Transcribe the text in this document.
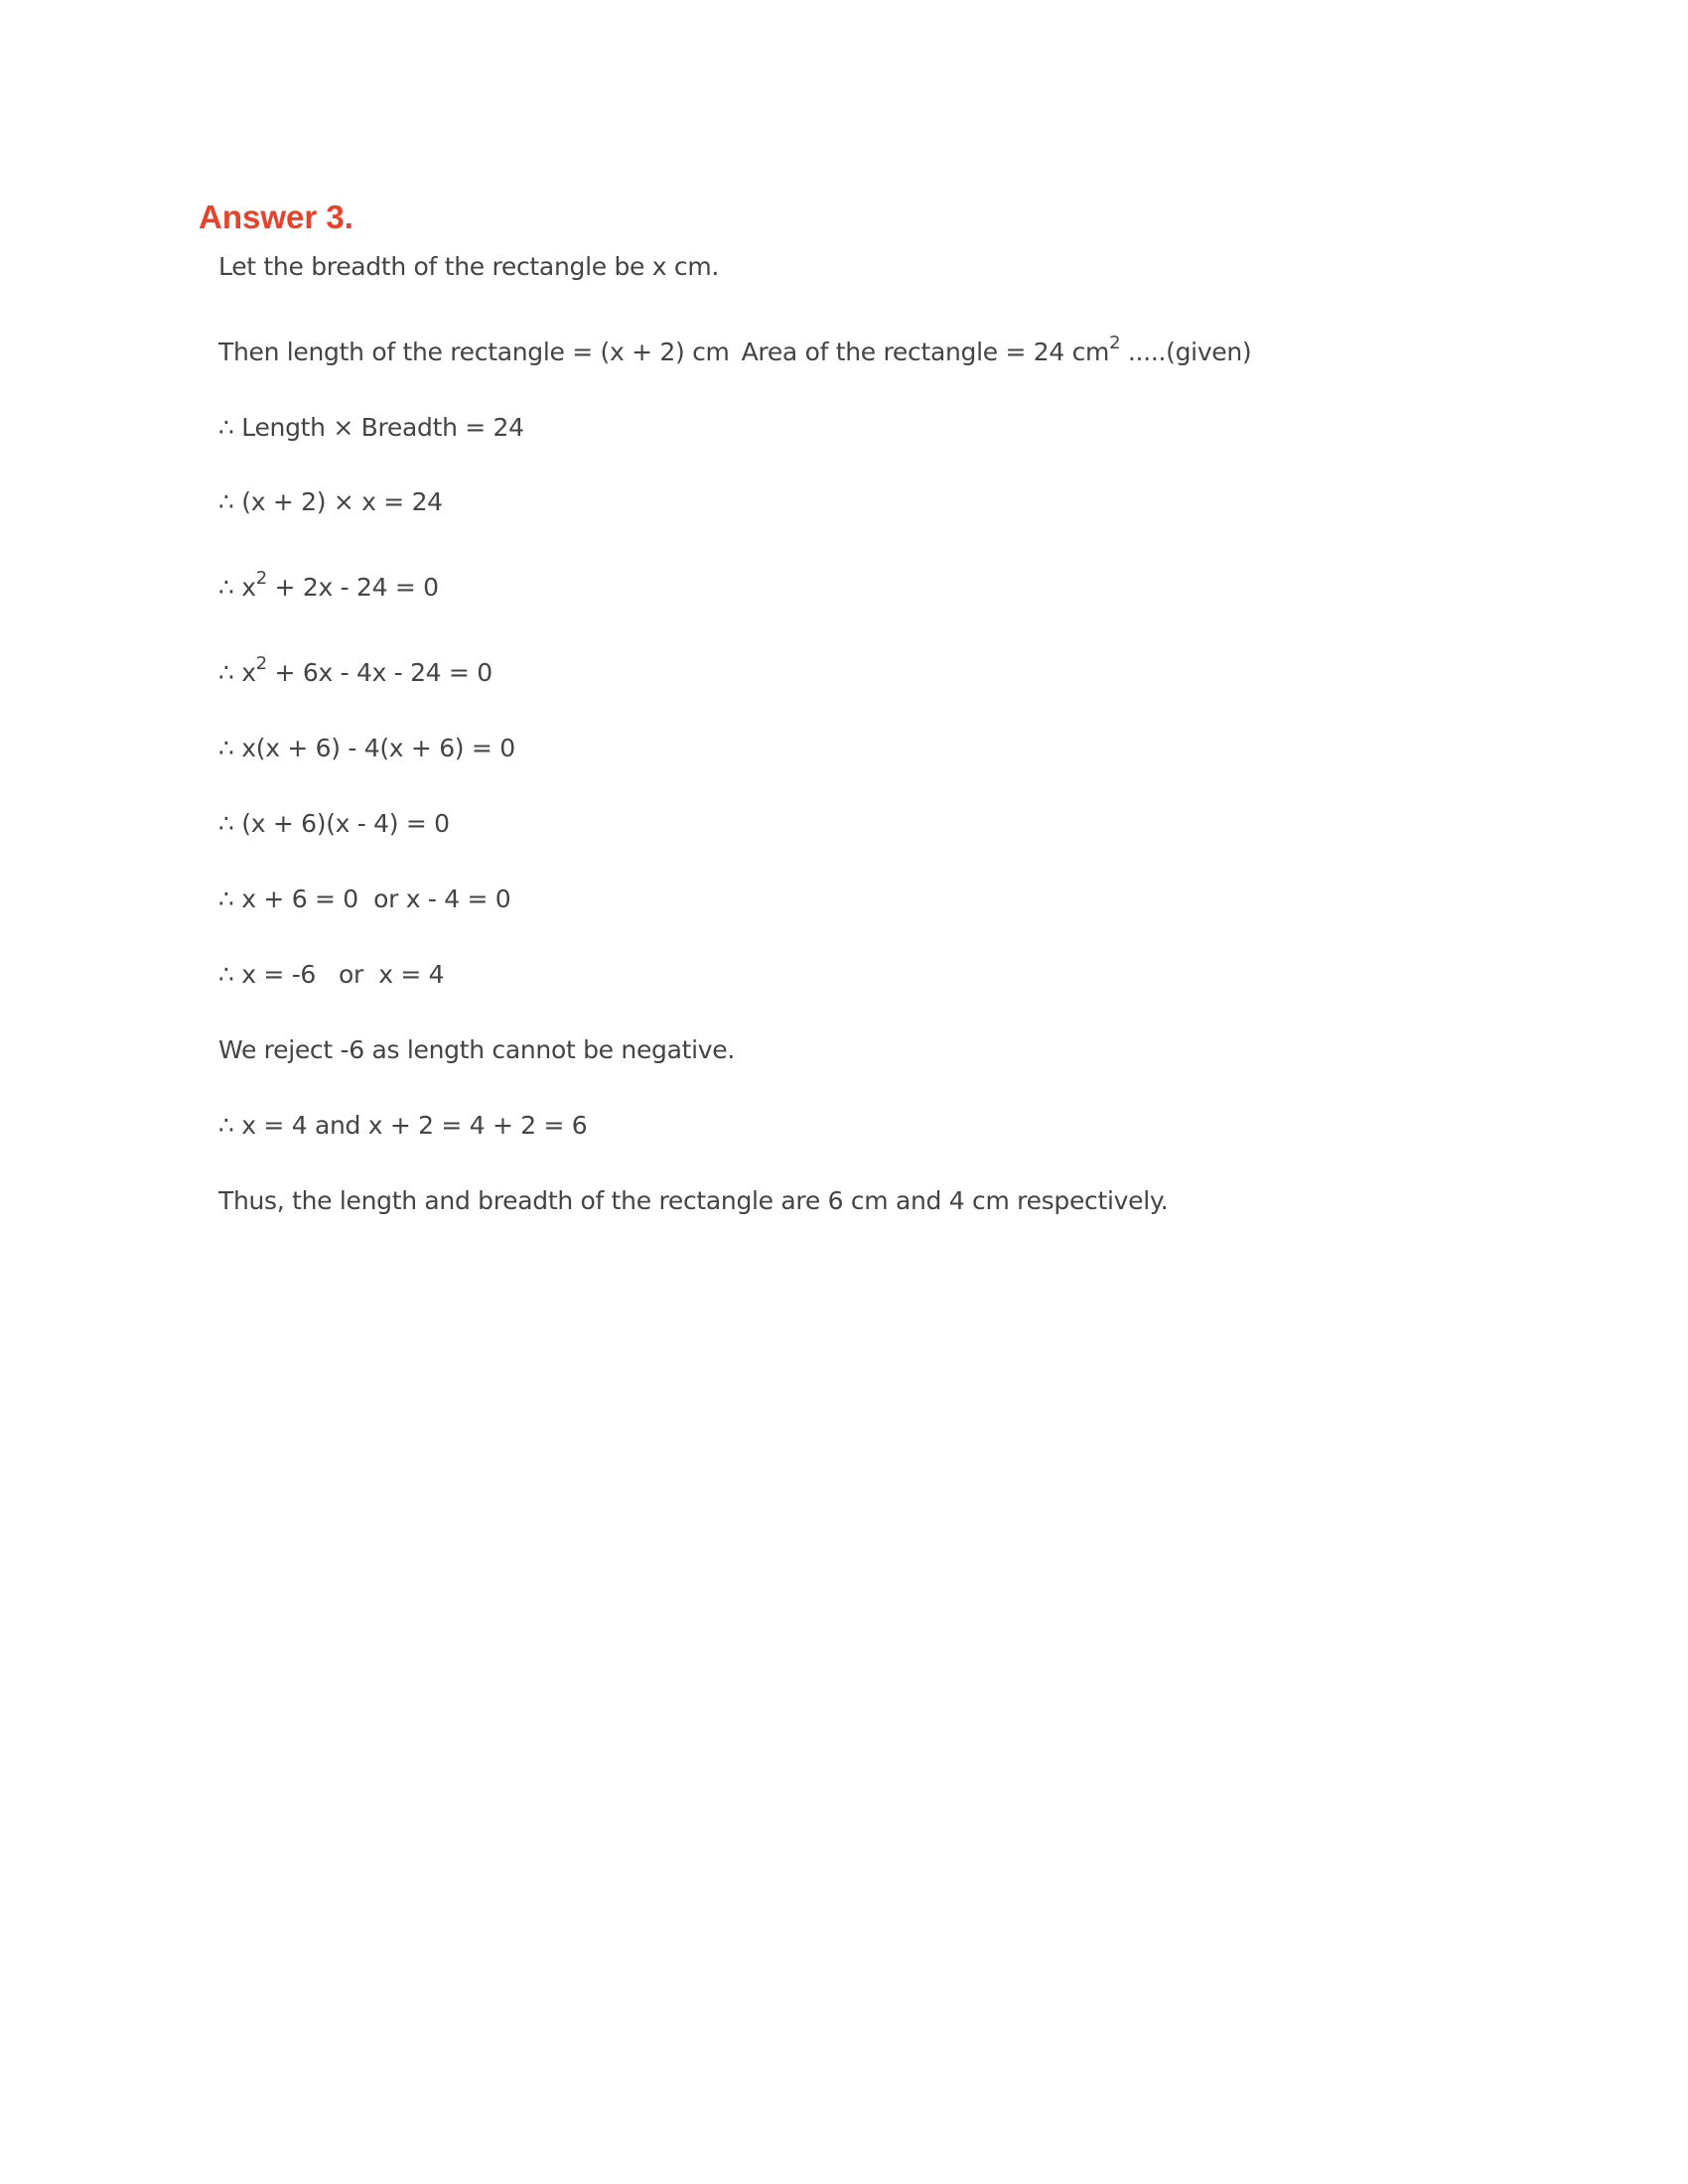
Answer 3.
Let the breadth of the rectangle be x cm.
Then length of the rectangle = (x + 2) cm Area of the rectangle = 24 $cm^2$ .....(given)
∴ Length × Breadth = 24
∴ (x + 2) × x = 24
∴ $x^2 + 2x - 24 = 0$
∴ $x^2 + 6x - 4x - 24 = 0$
∴ x(x + 6) - 4(x + 6) = 0
∴ (x + 6)(x - 4) = 0
∴ x + 6 = 0  or x - 4 = 0
∴ x = -6   or  x = 4
We reject -6 as length cannot be negative.
∴ x = 4 and x + 2 = 4 + 2 = 6
Thus, the length and breadth of the rectangle are 6 cm and 4 cm respectively.
